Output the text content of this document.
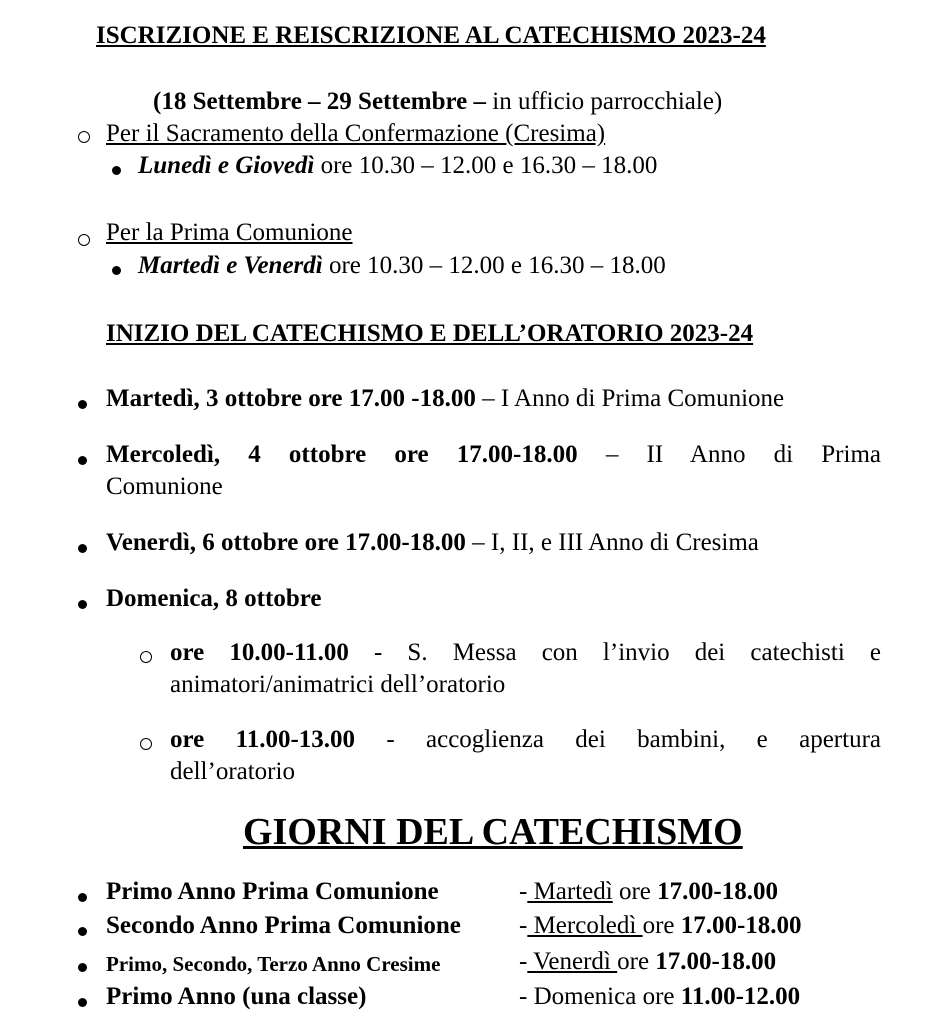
ISCRIZIONE E REISCRIZIONE AL CATECHISMO 2023-24
(18 Settembre – 29 Settembre – in ufficio parrocchiale)
Per il Sacramento della Confermazione (Cresima)
Lunedì e Giovedì ore 10.30 – 12.00 e 16.30 – 18.00
Per la Prima Comunione
Martedì e Venerdì ore 10.30 – 12.00 e 16.30 – 18.00
INIZIO DEL CATECHISMO E DELL’ORATORIO 2023-24
Martedì, 3 ottobre ore 17.00 -18.00 – I Anno di Prima Comunione
Mercoledì, 4 ottobre ore 17.00-18.00 – II Anno di Prima
Comunione
Venerdì, 6 ottobre ore 17.00-18.00 – I, II, e III Anno di Cresima
Domenica, 8 ottobre
ore 10.00-11.00 - S. Messa con l’invio dei catechisti e
animatori/animatrici dell’oratorio
ore 11.00-13.00 - accoglienza dei bambini, e apertura
dell’oratorio
GIORNI DEL CATECHISMO
Primo Anno Prima Comunione	- Martedì ore 17.00-18.00
Secondo Anno Prima Comunione - Mercoledì ore 17.00-18.00
Primo, Secondo, Terzo Anno Cresime	- Venerdì ore 17.00-18.00
Primo Anno (una classe)	- Domenica ore 11.00-12.00
